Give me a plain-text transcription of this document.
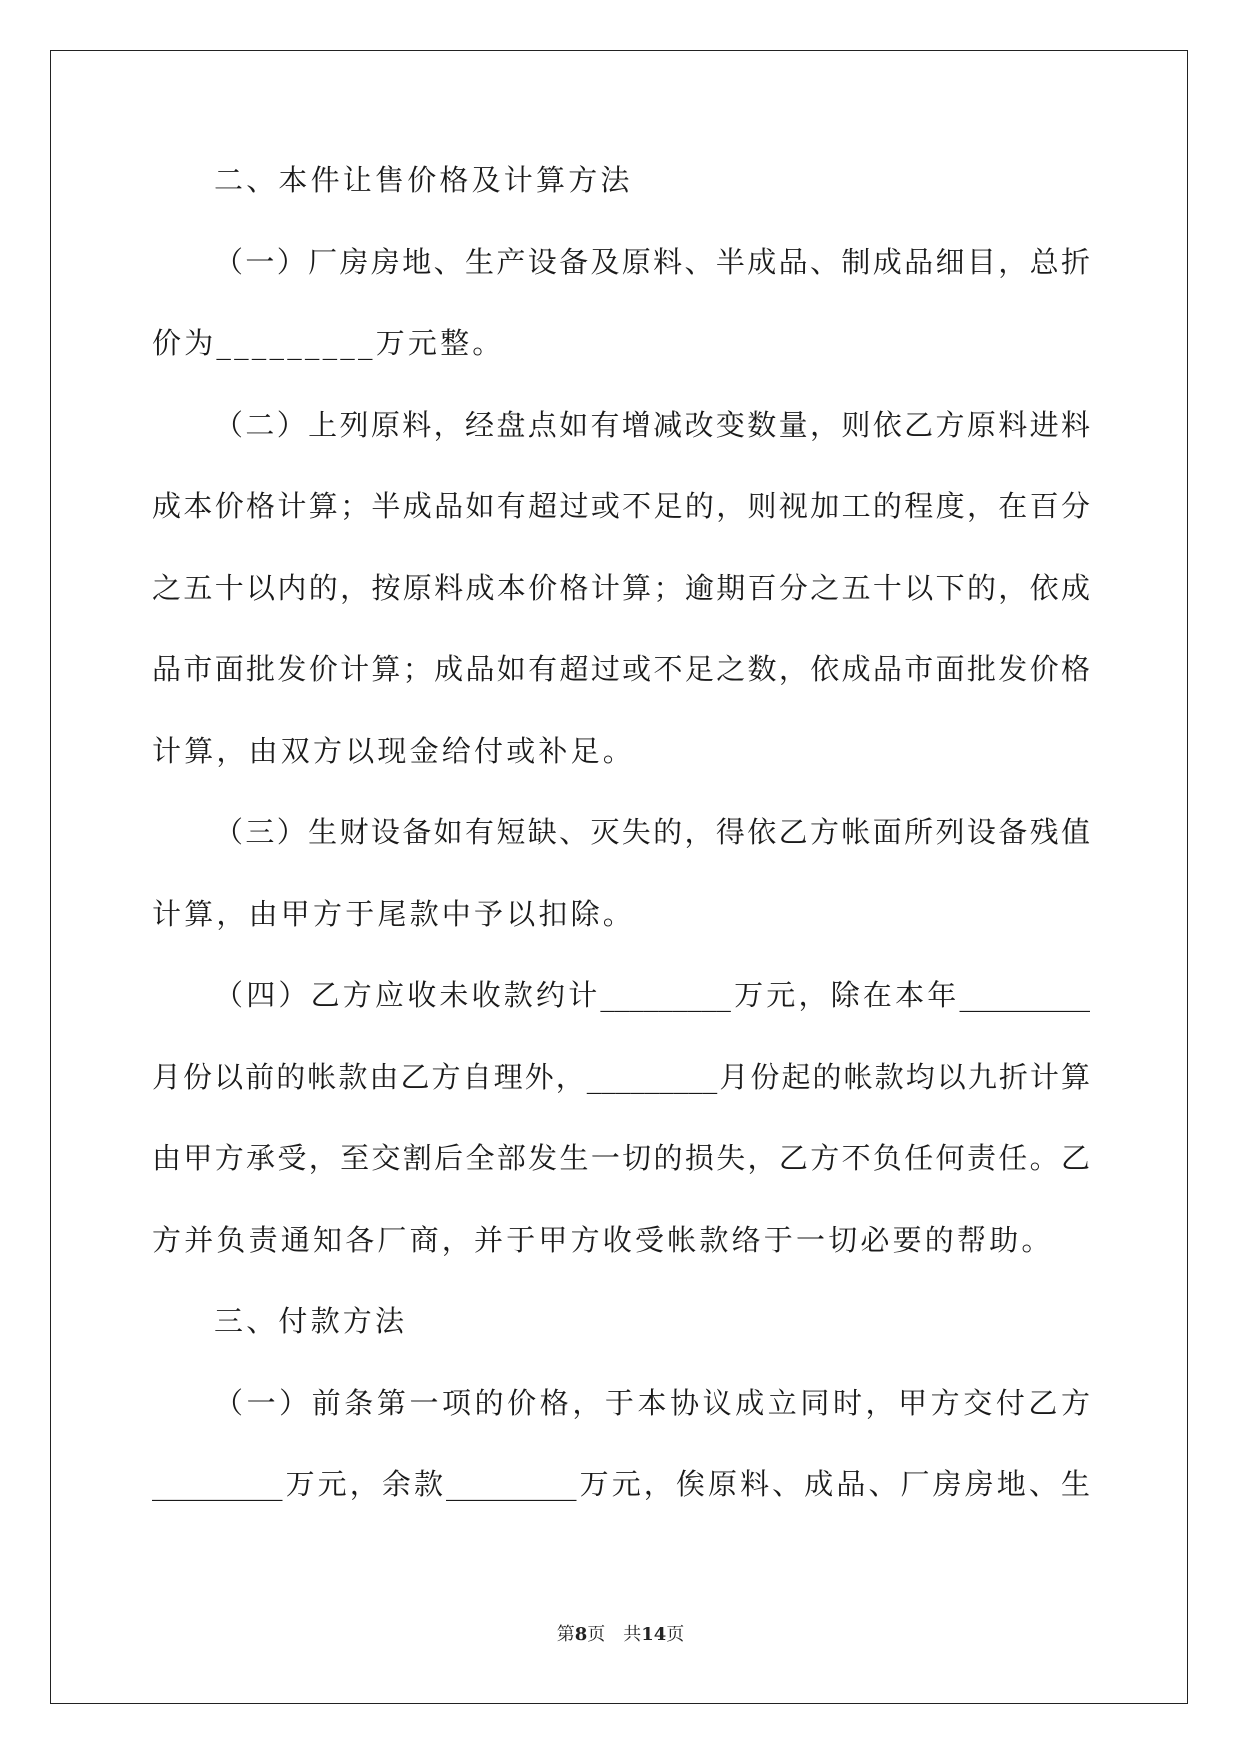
二、本件让售价格及计算方法
（一）厂房房地、生产设备及原料、半成品、制成品细目，总折
价为_________万元整。
（二）上列原料，经盘点如有增减改变数量，则依乙方原料进料
成本价格计算；半成品如有超过或不足的，则视加工的程度，在百分
之五十以内的，按原料成本价格计算；逾期百分之五十以下的，依成
品市面批发价计算；成品如有超过或不足之数，依成品市面批发价格
计算，由双方以现金给付或补足。
（三）生财设备如有短缺、灭失的，得依乙方帐面所列设备残值
计算，由甲方于尾款中予以扣除。
（四）乙方应收未收款约计_________万元，除在本年_________
月份以前的帐款由乙方自理外，_________月份起的帐款均以九折计算
由甲方承受，至交割后全部发生一切的损失，乙方不负任何责任。乙
方并负责通知各厂商，并于甲方收受帐款络于一切必要的帮助。
三、付款方法
（一）前条第一项的价格，于本协议成立同时，甲方交付乙方
_________万元，余款_________万元，俟原料、成品、厂房房地、生
第8页　共14页
